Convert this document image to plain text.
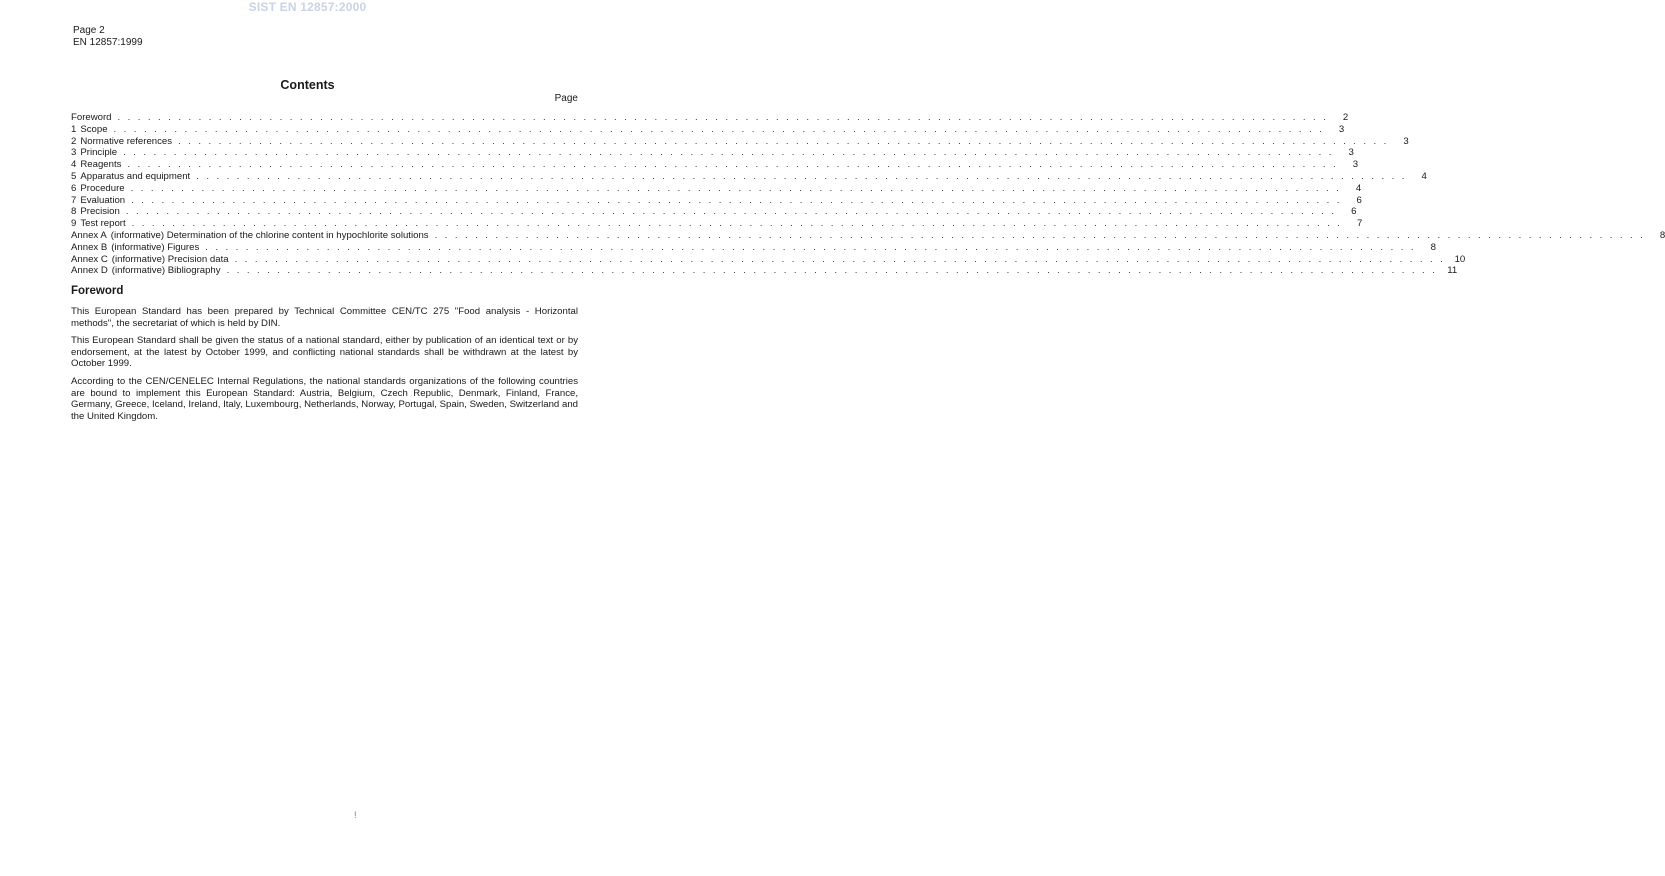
SIST EN 12857:2000
Page 2
EN 12857:1999
Contents
Page
Foreword . . . . . . . . . . . . . . . . . . . . . . . . . . . . . . . . . . . . . . . . . . . . . . . . . . . . . . . . . . . . . . . . . . . . . . . . . . . . . . . . . . . . . . . . . . . . . . . . . . . . . . . . . . . . . . . . . . . . . . . .	2
1 Scope . . . . . . . . . . . . . . . . . . . . . . . . . . . . . . . . . . . . . . . . . . . . . . . . . . . . . . . . . . . . . . . . . . . . . . . . . . . . . . . . . . . . . . . . . . . . . . . . . . . . . . . . . . . . . . . . . . . . . . . .	3
2 Normative references . . . . . . . . . . . . . . . . . . . . . . . . . . . . . . . . . . . . . . . . . . . . . . . . . . . . . . . . . . . . . . . . . . . . . . . . . . . . . . . . . . . . . . . . . . . . . . . . . . . . . . . . . . . . . . . . . . . . . . . .	3
3 Principle . . . . . . . . . . . . . . . . . . . . . . . . . . . . . . . . . . . . . . . . . . . . . . . . . . . . . . . . . . . . . . . . . . . . . . . . . . . . . . . . . . . . . . . . . . . . . . . . . . . . . . . . . . . . . . . . . . . . . . . .	3
4 Reagents . . . . . . . . . . . . . . . . . . . . . . . . . . . . . . . . . . . . . . . . . . . . . . . . . . . . . . . . . . . . . . . . . . . . . . . . . . . . . . . . . . . . . . . . . . . . . . . . . . . . . . . . . . . . . . . . . . . . . . . .	3
5 Apparatus and equipment . . . . . . . . . . . . . . . . . . . . . . . . . . . . . . . . . . . . . . . . . . . . . . . . . . . . . . . . . . . . . . . . . . . . . . . . . . . . . . . . . . . . . . . . . . . . . . . . . . . . . . . . . . . . . . . . . . . . . . . .	4
6 Procedure . . . . . . . . . . . . . . . . . . . . . . . . . . . . . . . . . . . . . . . . . . . . . . . . . . . . . . . . . . . . . . . . . . . . . . . . . . . . . . . . . . . . . . . . . . . . . . . . . . . . . . . . . . . . . . . . . . . . . . . .	4
7 Evaluation . . . . . . . . . . . . . . . . . . . . . . . . . . . . . . . . . . . . . . . . . . . . . . . . . . . . . . . . . . . . . . . . . . . . . . . . . . . . . . . . . . . . . . . . . . . . . . . . . . . . . . . . . . . . . . . . . . . . . . . .	6
8 Precision . . . . . . . . . . . . . . . . . . . . . . . . . . . . . . . . . . . . . . . . . . . . . . . . . . . . . . . . . . . . . . . . . . . . . . . . . . . . . . . . . . . . . . . . . . . . . . . . . . . . . . . . . . . . . . . . . . . . . . . .	6
9 Test report . . . . . . . . . . . . . . . . . . . . . . . . . . . . . . . . . . . . . . . . . . . . . . . . . . . . . . . . . . . . . . . . . . . . . . . . . . . . . . . . . . . . . . . . . . . . . . . . . . . . . . . . . . . . . . . . . . . . . . . .	7
Annex A (informative) Determination of the chlorine content in hypochlorite solutions . . . . . . . . . . . . . . . . . . . . . . . . . . . . . . . . . . . . . . . . . . . . . . . . . . . . . . . . . . . . . . . . . . . . . . . . . . . . . . . . . . . . . . . . . . . . . . . . . . . . . . . . . . . . . . . . . . . . . . . .	8
Annex B (informative) Figures . . . . . . . . . . . . . . . . . . . . . . . . . . . . . . . . . . . . . . . . . . . . . . . . . . . . . . . . . . . . . . . . . . . . . . . . . . . . . . . . . . . . . . . . . . . . . . . . . . . . . . . . . . . . . . . . . . . . . . . .	8
Annex C (informative) Precision data . . . . . . . . . . . . . . . . . . . . . . . . . . . . . . . . . . . . . . . . . . . . . . . . . . . . . . . . . . . . . . . . . . . . . . . . . . . . . . . . . . . . . . . . . . . . . . . . . . . . . . . . . . . . . . . . . . . . . . . . 10
Annex D (informative) Bibliography . . . . . . . . . . . . . . . . . . . . . . . . . . . . . . . . . . . . . . . . . . . . . . . . . . . . . . . . . . . . . . . . . . . . . . . . . . . . . . . . . . . . . . . . . . . . . . . . . . . . . . . . . . . . . . . . . . . . . . . .	11
Foreword
This European Standard has been prepared by Technical Committee CEN/TC 275 "Food analysis - Horizontal methods", the secretariat of which is held by DIN.
This European Standard shall be given the status of a national standard, either by publication of an identical text or by endorsement, at the latest by October 1999, and conflicting national standards shall be withdrawn at the latest by October 1999.
According to the CEN/CENELEC Internal Regulations, the national standards organizations of the following countries are bound to implement this European Standard: Austria, Belgium, Czech Republic, Denmark, Finland, France, Germany, Greece, Iceland, Ireland, Italy, Luxembourg, Netherlands, Norway, Portugal, Spain, Sweden, Switzerland and the United Kingdom.
!
